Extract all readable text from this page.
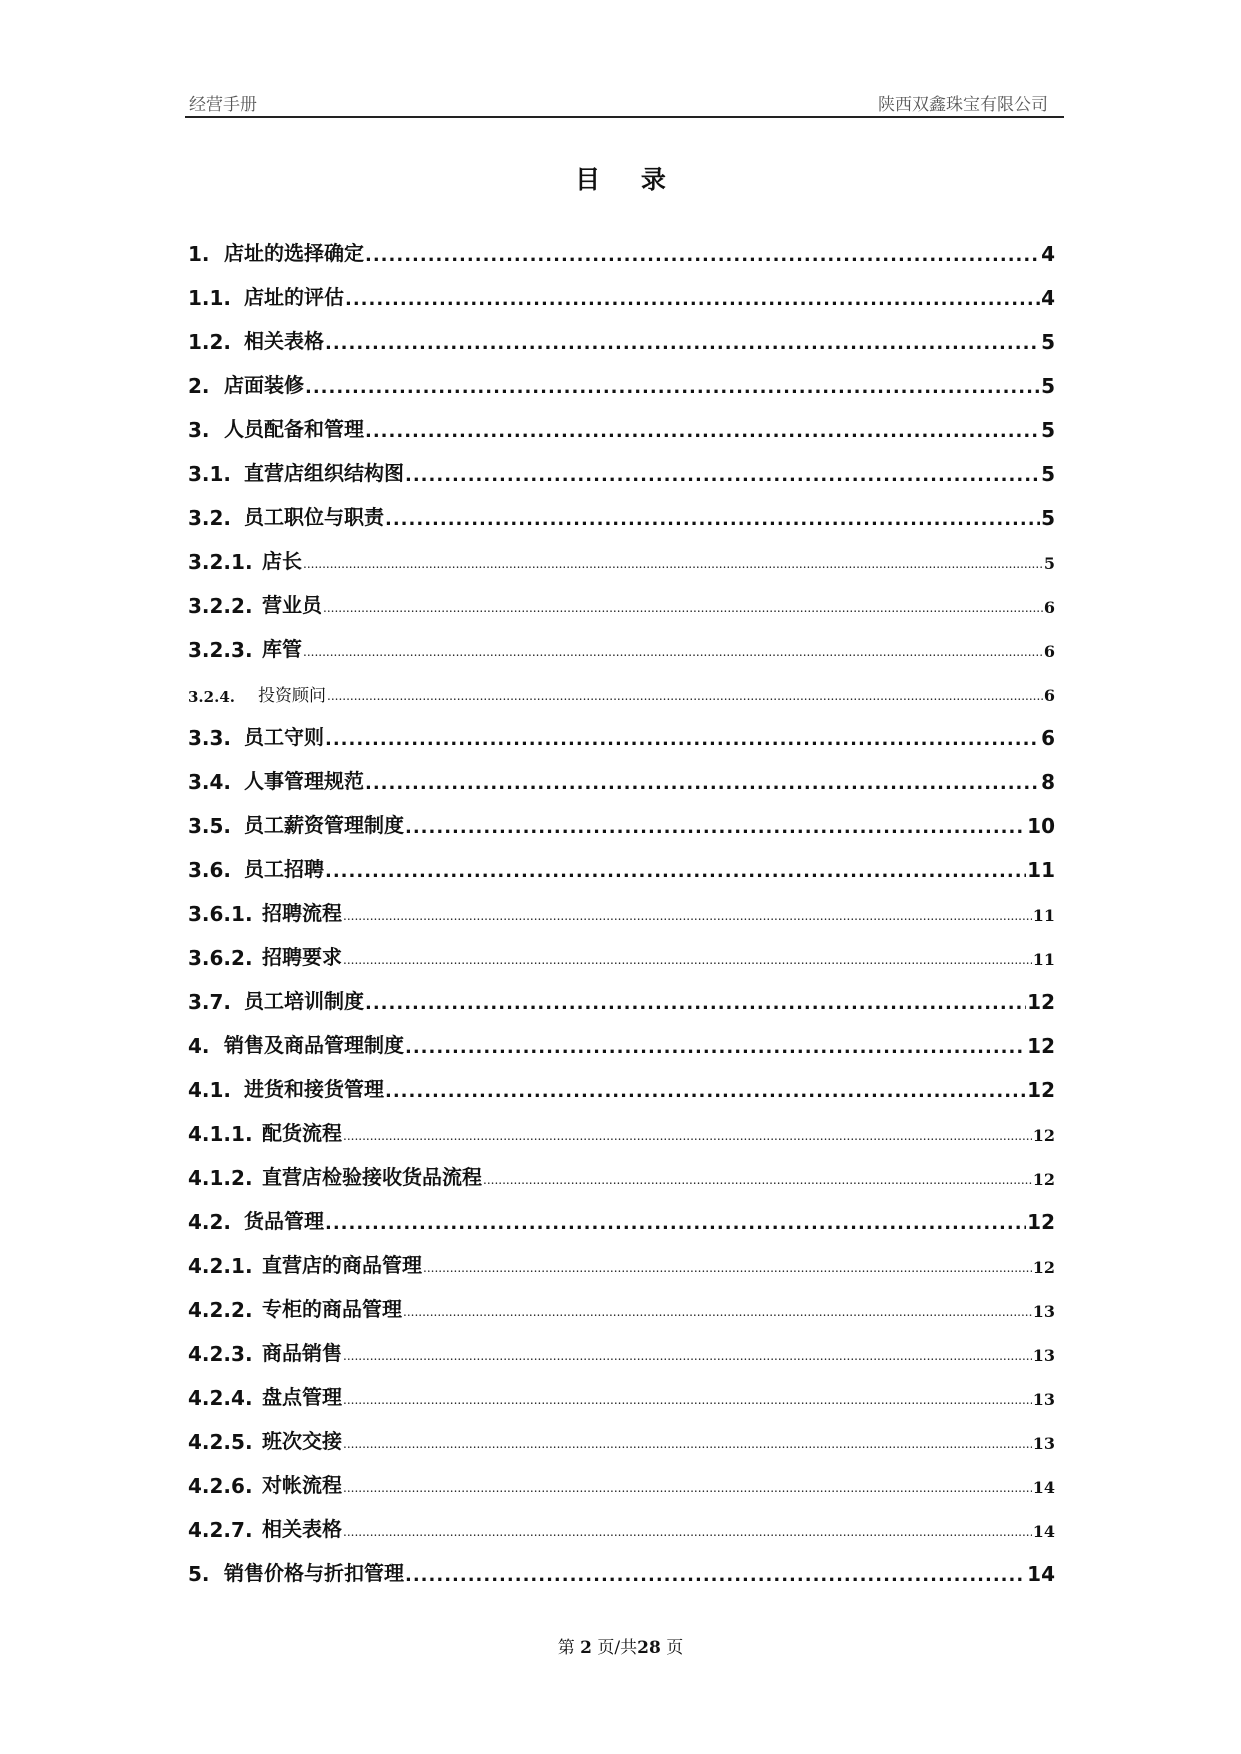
经营手册	陕西双鑫珠宝有限公司
目 录
1. 店址的选择确定 .....	4
1.1. 店址的评估 .....	4
1.2. 相关表格 .....	5
2. 店面装修 .....	5
3. 人员配备和管理 .....	5
3.1. 直营店组织结构图 .....	5
3.2. 员工职位与职责 .....	5
3.2.1. 店长 .....	5
3.2.2. 营业员 .....	6
3.2.3. 库管 .....	6
3.2.4.	投资顾问 .....	6
3.3. 员工守则 .....	6
3.4. 人事管理规范 .....	8
3.5. 员工薪资管理制度 .....	10
3.6. 员工招聘 .....	11
3.6.1. 招聘流程 .....	11
3.6.2. 招聘要求 .....	11
3.7. 员工培训制度 .....	12
4. 销售及商品管理制度 .....	12
4.1. 进货和接货管理 .....	12
4.1.1. 配货流程 .....	12
4.1.2. 直营店检验接收货品流程 .....	12
4.2. 货品管理 .....	12
4.2.1. 直营店的商品管理 .....	12
4.2.2. 专柜的商品管理 .....	13
4.2.3. 商品销售 .....	13
4.2.4. 盘点管理 .....	13
4.2.5. 班次交接 .....	13
4.2.6. 对帐流程 .....	14
4.2.7. 相关表格 .....	14
5. 销售价格与折扣管理 .....	14
第 2 页/共28 页
